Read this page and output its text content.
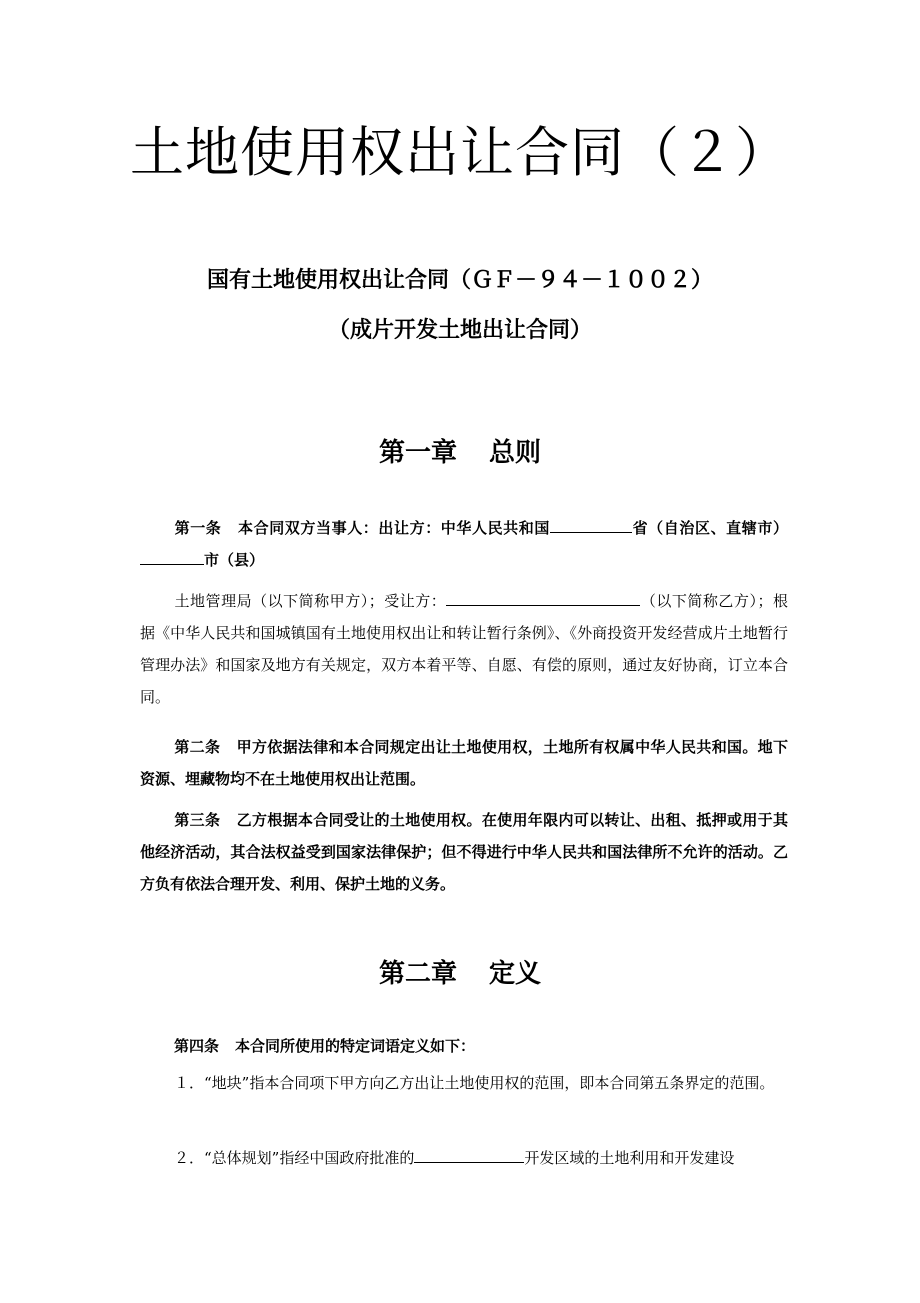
土地使用权出让合同（２）

国有土地使用权出让合同（ＧＦ－９４－１００２）

（成片开发土地出让合同）

第一章 总则

第一条 本合同双方当事人：出让方：中华人民共和国	省（自治区、直辖市）市（县）

土地管理局（以下简称甲方）；受让方：	（以下简称乙方）；根据《中华人民共和国城镇国有土地使用权出让和转让暂行条例》、《外商投资开发经营成片土地暂行管理办法》和国家及地方有关规定，双方本着平等、自愿、有偿的原则，通过友好协商，订立本合同。

第二条 甲方依据法律和本合同规定出让土地使用权，土地所有权属中华人民共和国。地下资源、埋藏物均不在土地使用权出让范围。

第三条 乙方根据本合同受让的土地使用权。在使用年限内可以转让、出租、抵押或用于其他经济活动，其合法权益受到国家法律保护；但不得进行中华人民共和国法律所不允许的活动。乙方负有依法合理开发、利用、保护土地的义务。

第二章 定义

第四条 本合同所使用的特定词语定义如下：

１．“地块”指本合同项下甲方向乙方出让土地使用权的范围，即本合同第五条界定的范围。

２．“总体规划”指经中国政府批准的	开发区域的土地利用和开发建设
